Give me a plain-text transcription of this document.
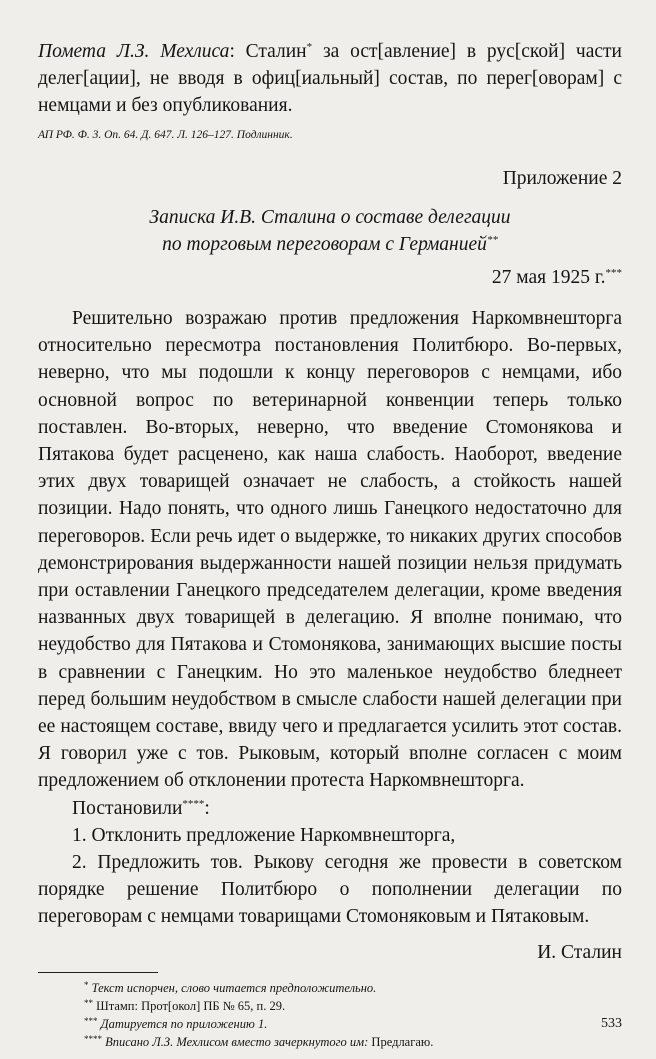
Помета Л.З. Мехлиса: Сталин* за ост[авление] в рус[ской] части делег[ации], не вводя в офиц[иальный] состав, по перег[оворам] с немцами и без опубликования.

АП РФ. Ф. 3. Оп. 64. Д. 647. Л. 126–127. Подлинник.

Приложение 2

Записка И.В. Сталина о составе делегации
по торговым переговорам с Германией**

27 мая 1925 г.***

Решительно возражаю против предложения Наркомвнешторга относительно пересмотра постановления Политбюро. Во-первых, неверно, что мы подошли к концу переговоров с немцами, ибо основной вопрос по ветеринарной конвенции теперь только поставлен. Во-вторых, неверно, что введение Стомонякова и Пятакова будет расценено, как наша слабость. Наоборот, введение этих двух товарищей означает не слабость, а стойкость нашей позиции. Надо понять, что одного лишь Ганецкого недостаточно для переговоров. Если речь идет о выдержке, то никаких других способов демонстрирования выдержанности нашей позиции нельзя придумать при оставлении Ганецкого председателем делегации, кроме введения названных двух товарищей в делегацию. Я вполне понимаю, что неудобство для Пятакова и Стомонякова, занимающих высшие посты в сравнении с Ганецким. Но это маленькое неудобство бледнеет перед большим неудобством в смысле слабости нашей делегации при ее настоящем составе, ввиду чего и предлагается усилить этот состав. Я говорил уже с тов. Рыковым, который вполне согласен с моим предложением об отклонении протеста Наркомвнешторга.

Постановили****:

1. Отклонить предложение Наркомвнешторга,

2. Предложить тов. Рыкову сегодня же провести в советском порядке решение Политбюро о пополнении делегации по переговорам с немцами товарищами Стомоняковым и Пятаковым.

И. Сталин

* Текст испорчен, слово читается предположительно.

** Штамп: Прот[окол] ПБ № 65, п. 29.

*** Датируется по приложению 1.

**** Вписано Л.З. Мехлисом вместо зачеркнутого им: Предлагаю.

533
